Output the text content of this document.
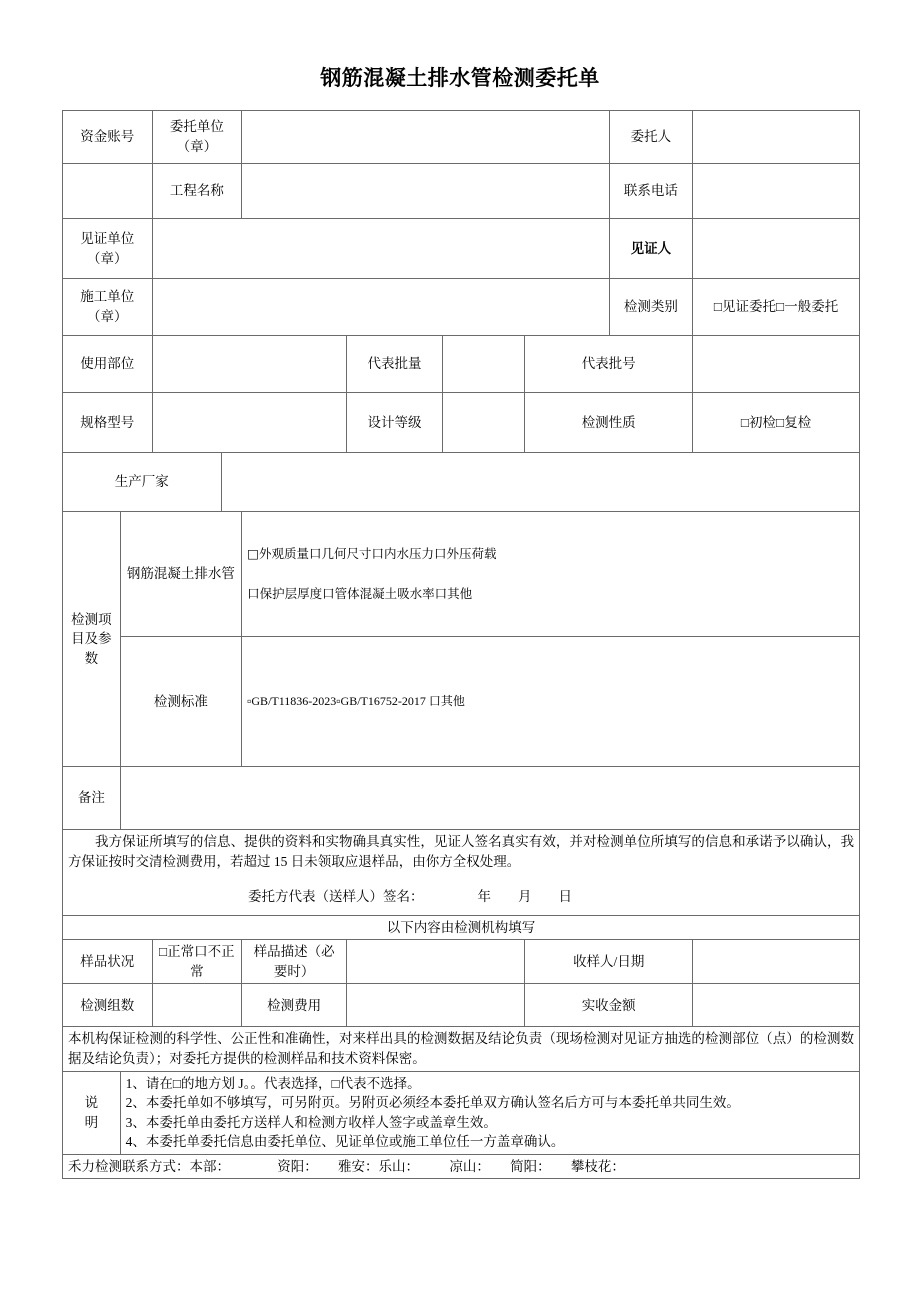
钢筋混凝土排水管检测委托单
资金账号		委托单位
（章）						委托人	
		工程名称						联系电话	

见证单位
（章）								见证人	

施工单位
（章）								检测类别	□见证委托□一般委托
使用部位					代表批量		代表批号		
规格型号					设计等级		检测性质		□初检□复检
生产厂家									
检测项目及参数	钢筋混凝土排水管			□外观质量口几何尺寸口内水压力口外压荷载
口保护层厚度口管体混凝土吸水率口其他					

	检测标准			▫GB/T11836-2023▫GB/T16752-2017 口其他					

备注									

我方保证所填写的信息、提供的资料和实物确具真实性，见证人签名真实有效，并对检测单位所填写的信息和承诺予以确认，我方保证按时交清检测费用，若超过 15 日未领取应退样品，由你方全权处理。
委托方代表（送样人）签名：                年        月        日									

以下内容由检测机构填写									
样品状况		□正常口不正常		样品描述（必要时）			收样人/日期		
检测组数				检测费用			实收金额		
本机构保证检测的科学性、公正性和准确性，对来样出具的检测数据及结论负责（现场检测对见证方抽选的检测部位（点）的检测数据及结论负责）；对委托方提供的检测样品和技术资料保密。									

说
明

1、请在□的地方划 J。。代表选择，□代表不选择。
2、本委托单如不够填写，可另附页。另附页必须经本委托单双方确认签名后方可与本委托单共同生效。
3、本委托单由委托方送样人和检测方收样人签字或盖章生效。
4、本委托单委托信息由委托单位、见证单位或施工单位任一方盖章确认。

禾力检测联系方式：本部：              资阳：      雅安：乐山：         凉山：      简阳：      攀枝花：									
